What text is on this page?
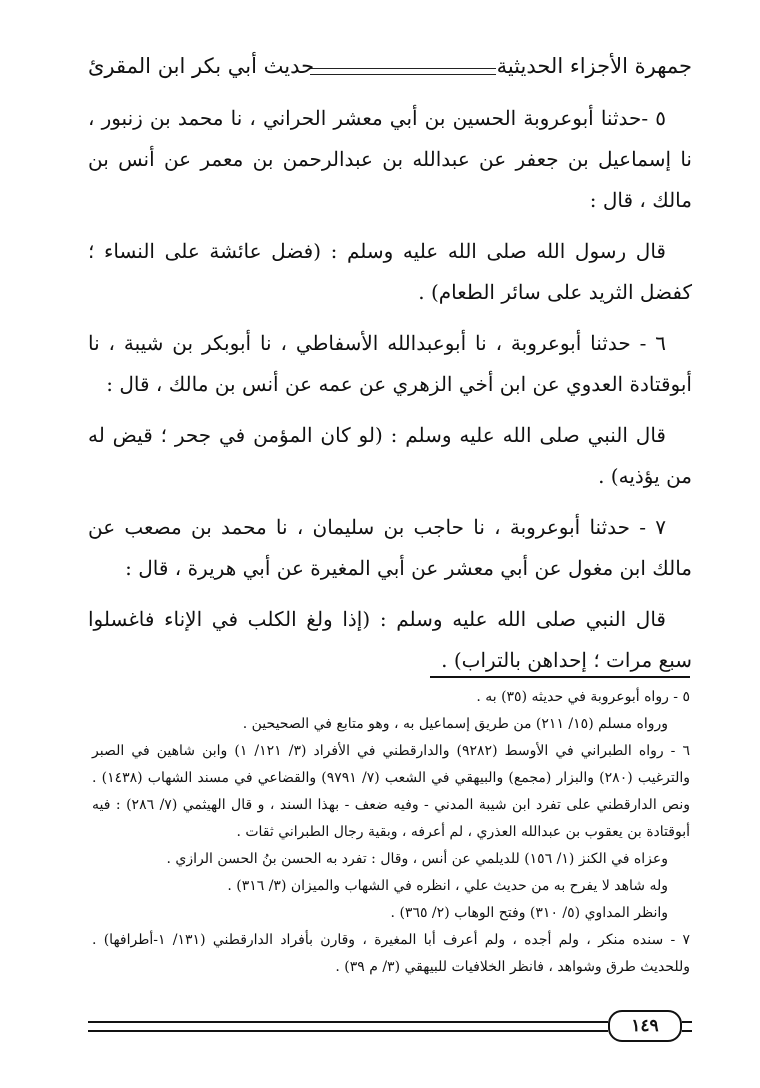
جمهرة الأجزاء الحديثية
حديث أبي بكر ابن المقرئ

٥ -حدثنا أبوعروبة الحسين بن أبي معشر الحراني ، نا محمد بن زنبور ، نا إسماعيل بن جعفر عن عبدالله بن عبدالرحمن بن معمر عن أنس بن مالك ، قال :

قال رسول الله صلى الله عليه وسلم : (فضل عائشة على النساء ؛ كفضل الثريد على سائر الطعام) .

٦ - حدثنا أبوعروبة ، نا أبوعبدالله الأسفاطي ، نا أبوبكر بن شيبة ، نا أبوقتادة العدوي عن ابن أخي الزهري عن عمه عن أنس بن مالك ، قال :

قال النبي صلى الله عليه وسلم : (لو كان المؤمن في جحر ؛ قيض له من يؤذيه) .

٧ - حدثنا أبوعروبة ، نا حاجب بن سليمان ، نا محمد بن مصعب عن مالك ابن مغول عن أبي معشر عن أبي المغيرة عن أبي هريرة ، قال :

قال النبي صلى الله عليه وسلم : (إذا ولغ الكلب في الإناء فاغسلوا سبع مرات ؛ إحداهن بالتراب) .

٥ - رواه أبوعروبة في حديثه (٣٥) به .

ورواه مسلم (١٥/ ٢١١) من طريق إسماعيل به ، وهو متابع في الصحيحين .

٦ - رواه الطبراني في الأوسط (٩٢٨٢) والدارقطني في الأفراد (٣/ ١٢١/ ١) وابن شاهين في الصبر والترغيب (٢٨٠) والبزار (مجمع) والبيهقي في الشعب (٧/ ٩٧٩١) والقضاعي في مسند الشهاب (١٤٣٨) . ونص الدارقطني على تفرد ابن شيبة المدني - وفيه ضعف - بهذا السند ، و قال الهيثمي (٧/ ٢٨٦) : فيه أبوقتادة بن يعقوب بن عبدالله العذري ، لم أعرفه ، وبقية رجال الطبراني ثقات .

وعزاه في الكنز (١/ ١٥٦) للديلمي عن أنس ، وقال : تفرد به الحسن بنُ الحسن الرازي .

وله شاهد لا يفرح به من حديث علي ، انظره في الشهاب والميزان (٣/ ٣١٦) .

وانظر المداوي (٥/ ٣١٠) وفتح الوهاب (٢/ ٣٦٥) .

٧ - سنده منكر ، ولم أجده ، ولم أعرف أبا المغيرة ، وقارن بأفراد الدارقطني (١٣١/ ١-أطرافها) . وللحديث طرق وشواهد ، فانظر الخلافيات للبيهقي (٣/ م ٣٩) .

١٤٩
